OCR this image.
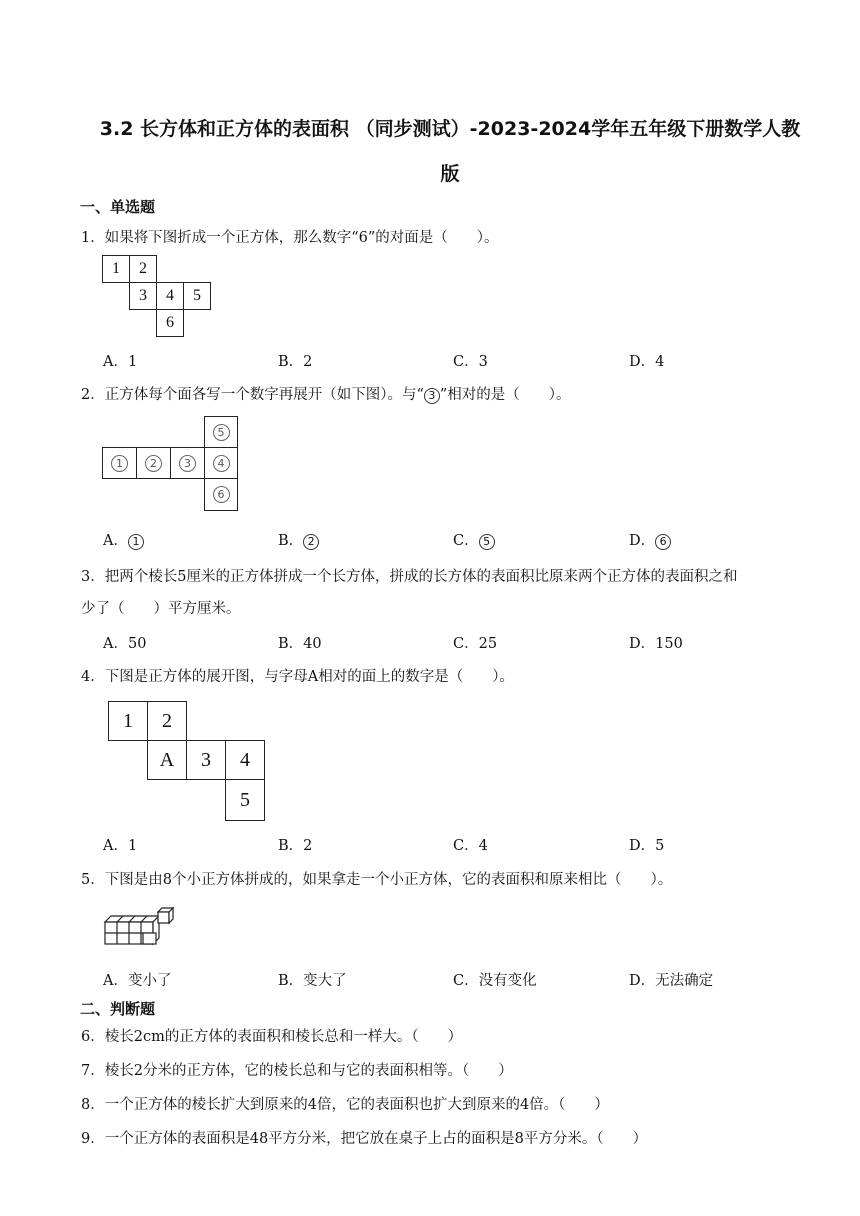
3.2 长方体和正方体的表面积 （同步测试）-2023-2024学年五年级下册数学人教
版
一、单选题
1．如果将下图折成一个正方体，那么数字“6”的对面是（　　）。
1	2
3	4	5
6
A．1	B．2	C．3	D．4
2．正方体每个面各写一个数字再展开（如下图）。与“ 3 ”相对的是（　　）。
5
1	2	3	4
6
A． 1	B． 2	C． 5	D． 6
3．把两个棱长5厘米的正方体拼成一个长方体，拼成的长方体的表面积比原来两个正方体的表面积之和
少了（　　）平方厘米。
A．50	B．40	C．25	D．150
4．下图是正方体的展开图，与字母A相对的面上的数字是（　　）。
1	2
A	3	4
5
A．1	B．2	C．4	D．5
5．下图是由8个小正方体拼成的，如果拿走一个小正方体，它的表面积和原来相比（　　）。
A．变小了	B．变大了	C．没有变化	D．无法确定
二、判断题
6．棱长2cm的正方体的表面积和棱长总和一样大。（　　）
7．棱长2分米的正方体，它的棱长总和与它的表面积相等。（　　）
8．一个正方体的棱长扩大到原来的4倍，它的表面积也扩大到原来的4倍。（　　）
9．一个正方体的表面积是48平方分米，把它放在桌子上占的面积是8平方分米。（　　）
